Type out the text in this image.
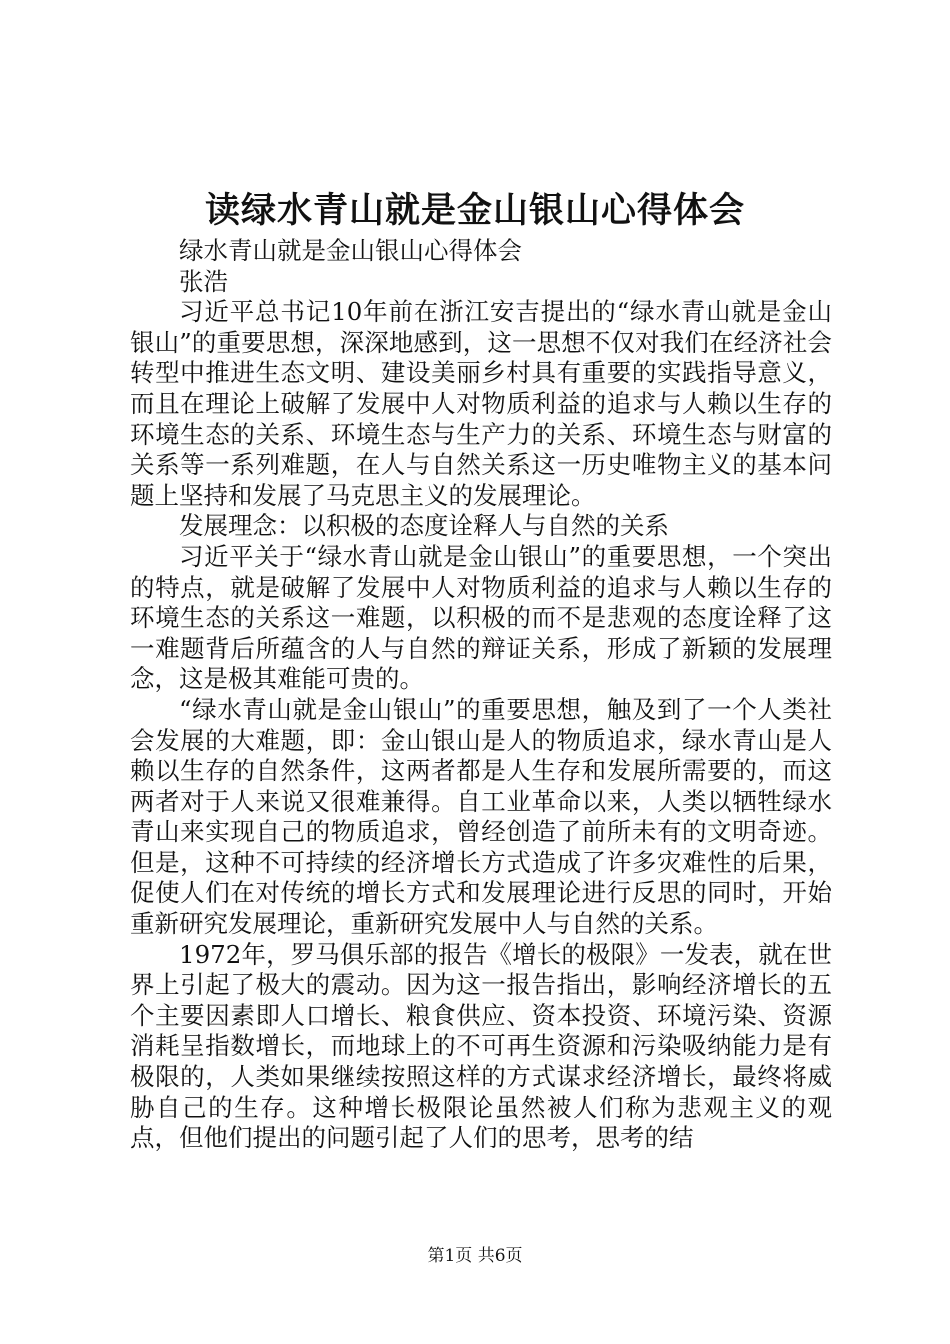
读绿水青山就是金山银山心得体会

绿水青山就是金山银山心得体会

张浩

习近平总书记10年前在浙江安吉提出的“绿水青山就是金山银山”的重要思想，深深地感到，这一思想不仅对我们在经济社会转型中推进生态文明、建设美丽乡村具有重要的实践指导意义，而且在理论上破解了发展中人对物质利益的追求与人赖以生存的环境生态的关系、环境生态与生产力的关系、环境生态与财富的关系等一系列难题，在人与自然关系这一历史唯物主义的基本问题上坚持和发展了马克思主义的发展理论。

发展理念：以积极的态度诠释人与自然的关系

习近平关于“绿水青山就是金山银山”的重要思想，一个突出的特点，就是破解了发展中人对物质利益的追求与人赖以生存的环境生态的关系这一难题，以积极的而不是悲观的态度诠释了这一难题背后所蕴含的人与自然的辩证关系，形成了新颖的发展理念，这是极其难能可贵的。

“绿水青山就是金山银山”的重要思想，触及到了一个人类社会发展的大难题，即：金山银山是人的物质追求，绿水青山是人赖以生存的自然条件，这两者都是人生存和发展所需要的，而这两者对于人来说又很难兼得。自工业革命以来，人类以牺牲绿水青山来实现自己的物质追求，曾经创造了前所未有的文明奇迹。但是，这种不可持续的经济增长方式造成了许多灾难性的后果，促使人们在对传统的增长方式和发展理论进行反思的同时，开始重新研究发展理论，重新研究发展中人与自然的关系。

1972年，罗马俱乐部的报告《增长的极限》一发表，就在世界上引起了极大的震动。因为这一报告指出，影响经济增长的五个主要因素即人口增长、粮食供应、资本投资、环境污染、资源消耗呈指数增长，而地球上的不可再生资源和污染吸纳能力是有极限的，人类如果继续按照这样的方式谋求经济增长，最终将威胁自己的生存。这种增长极限论虽然被人们称为悲观主义的观点，但他们提出的问题引起了人们的思考，思考的结

第1页 共6页
